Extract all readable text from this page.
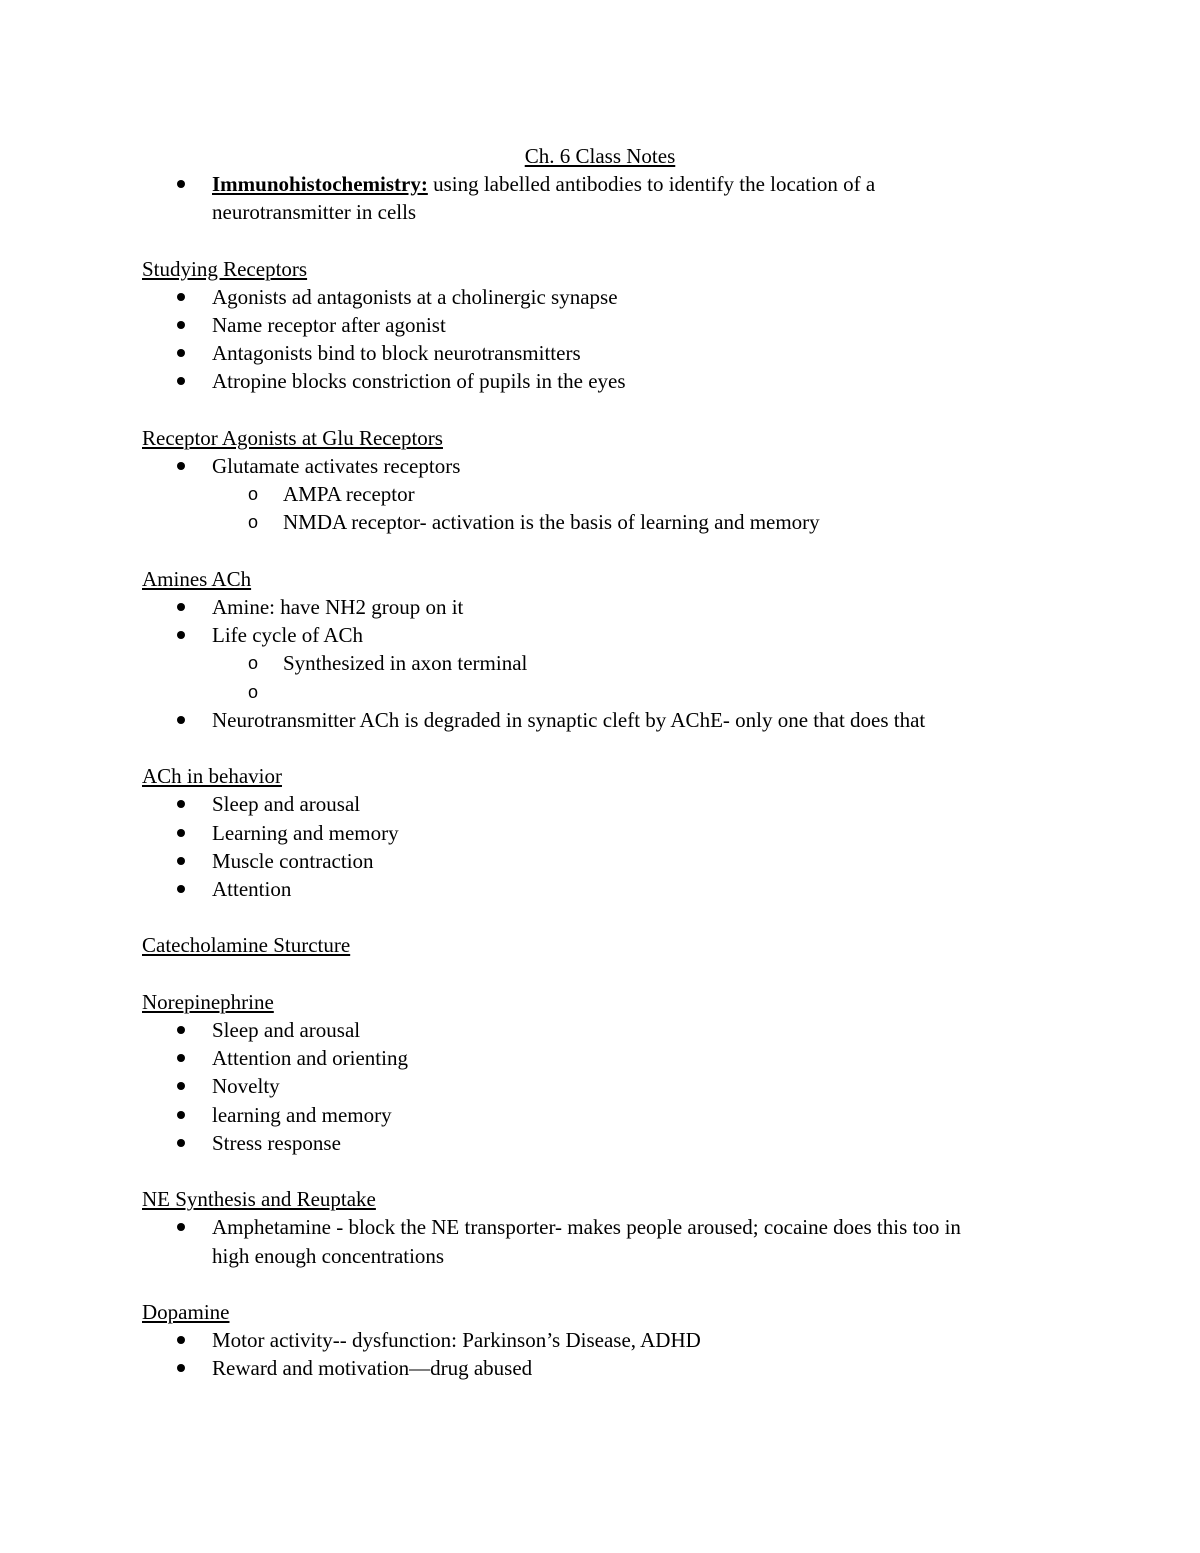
Ch. 6 Class Notes
Immunohistochemistry: using labelled antibodies to identify the location of a
neurotransmitter in cells
Studying Receptors
Agonists ad antagonists at a cholinergic synapse
Name receptor after agonist
Antagonists bind to block neurotransmitters
Atropine blocks constriction of pupils in the eyes
Receptor Agonists at Glu Receptors
Glutamate activates receptors
o AMPA receptor
o NMDA receptor- activation is the basis of learning and memory
Amines ACh
Amine: have NH2 group on it
Life cycle of ACh
o Synthesized in axon terminal
o
Neurotransmitter ACh is degraded in synaptic cleft by AChE- only one that does that
ACh in behavior
Sleep and arousal
Learning and memory
Muscle contraction
Attention
Catecholamine Sturcture
Norepinephrine
Sleep and arousal
Attention and orienting
Novelty
learning and memory
Stress response
NE Synthesis and Reuptake
Amphetamine - block the NE transporter- makes people aroused; cocaine does this too in
high enough concentrations
Dopamine
Motor activity-- dysfunction: Parkinson’s Disease, ADHD
Reward and motivation—drug abused
